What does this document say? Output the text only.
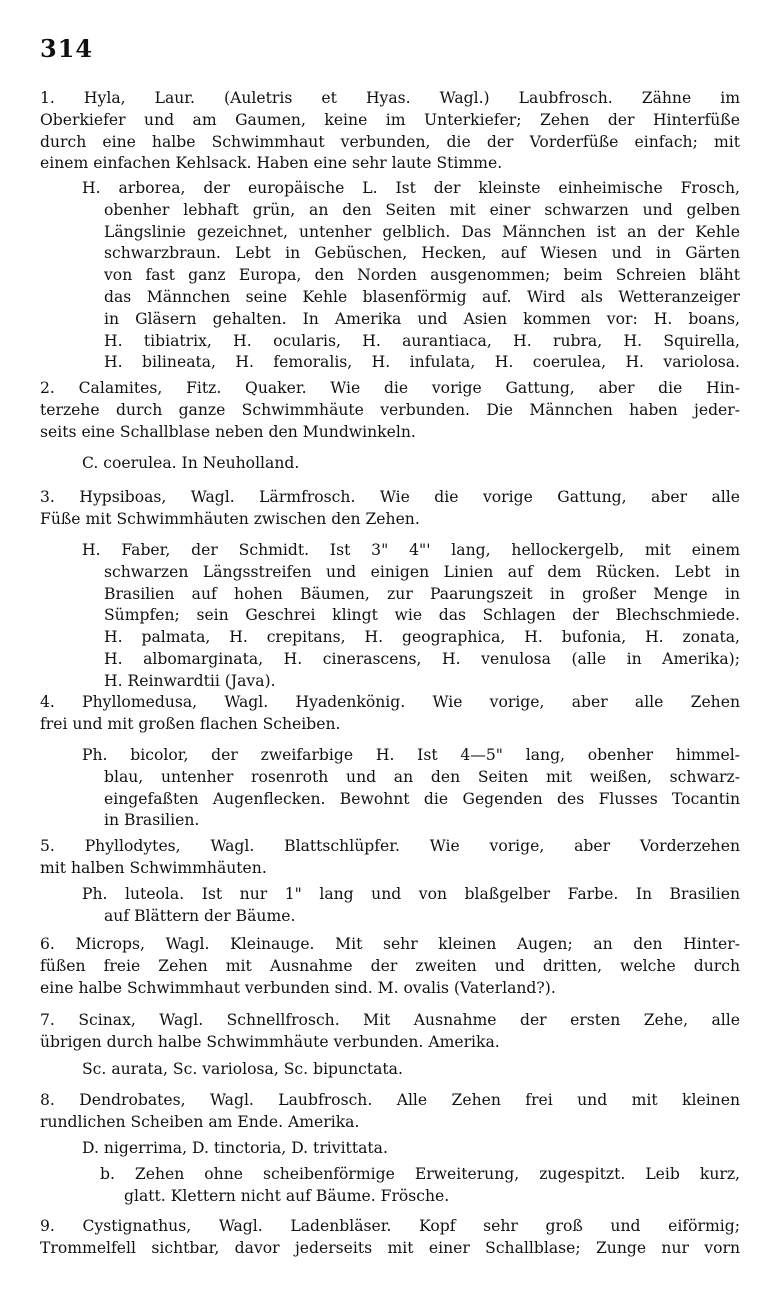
314
1. Hyla, Laur. (Auletris et Hyas. Wagl.) Laubfrosch. Zähne im
Oberkiefer und am Gaumen, keine im Unterkiefer; Zehen der Hinterfüße
durch eine halbe Schwimmhaut verbunden, die der Vorderfüße einfach; mit
einem einfachen Kehlsack. Haben eine sehr laute Stimme.
H. arborea, der europäische L. Ist der kleinste einheimische Frosch,
obenher lebhaft grün, an den Seiten mit einer schwarzen und gelben
Längslinie gezeichnet, untenher gelblich. Das Männchen ist an der Kehle
schwarzbraun. Lebt in Gebüschen, Hecken, auf Wiesen und in Gärten
von fast ganz Europa, den Norden ausgenommen; beim Schreien bläht
das Männchen seine Kehle blasenförmig auf. Wird als Wetteranzeiger
in Gläsern gehalten. In Amerika und Asien kommen vor: H. boans,
H. tibiatrix, H. ocularis, H. aurantiaca, H. rubra, H. Squirella,
H. bilineata, H. femoralis, H. infulata, H. coerulea, H. variolosa.
2. Calamites, Fitz. Quaker. Wie die vorige Gattung, aber die Hin-
terzehe durch ganze Schwimmhäute verbunden. Die Männchen haben jeder-
seits eine Schallblase neben den Mundwinkeln.
C. coerulea. In Neuholland.
3. Hypsiboas, Wagl. Lärmfrosch. Wie die vorige Gattung, aber alle
Füße mit Schwimmhäuten zwischen den Zehen.
H. Faber, der Schmidt. Ist 3" 4"' lang, hellockergelb, mit einem
schwarzen Längsstreifen und einigen Linien auf dem Rücken. Lebt in
Brasilien auf hohen Bäumen, zur Paarungszeit in großer Menge in
Sümpfen; sein Geschrei klingt wie das Schlagen der Blechschmiede.
H. palmata, H. crepitans, H. geographica, H. bufonia, H. zonata,
H. albomarginata, H. cinerascens, H. venulosa (alle in Amerika);
H. Reinwardtii (Java).
4. Phyllomedusa, Wagl. Hyadenkönig. Wie vorige, aber alle Zehen
frei und mit großen flachen Scheiben.
Ph. bicolor, der zweifarbige H. Ist 4—5" lang, obenher himmel-
blau, untenher rosenroth und an den Seiten mit weißen, schwarz-
eingefaßten Augenflecken. Bewohnt die Gegenden des Flusses Tocantin
in Brasilien.
5. Phyllodytes, Wagl. Blattschlüpfer. Wie vorige, aber Vorderzehen
mit halben Schwimmhäuten.
Ph. luteola. Ist nur 1" lang und von blaßgelber Farbe. In Brasilien
auf Blättern der Bäume.
6. Microps, Wagl. Kleinauge. Mit sehr kleinen Augen; an den Hinter-
füßen freie Zehen mit Ausnahme der zweiten und dritten, welche durch
eine halbe Schwimmhaut verbunden sind. M. ovalis (Vaterland?).
7. Scinax, Wagl. Schnellfrosch. Mit Ausnahme der ersten Zehe, alle
übrigen durch halbe Schwimmhäute verbunden. Amerika.
Sc. aurata, Sc. variolosa, Sc. bipunctata.
8. Dendrobates, Wagl. Laubfrosch. Alle Zehen frei und mit kleinen
rundlichen Scheiben am Ende. Amerika.
D. nigerrima, D. tinctoria, D. trivittata.
b. Zehen ohne scheibenförmige Erweiterung, zugespitzt. Leib kurz,
glatt. Klettern nicht auf Bäume. Frösche.
9. Cystignathus, Wagl. Ladenbläser. Kopf sehr groß und eiförmig;
Trommelfell sichtbar, davor jederseits mit einer Schallblase; Zunge nur vorn
